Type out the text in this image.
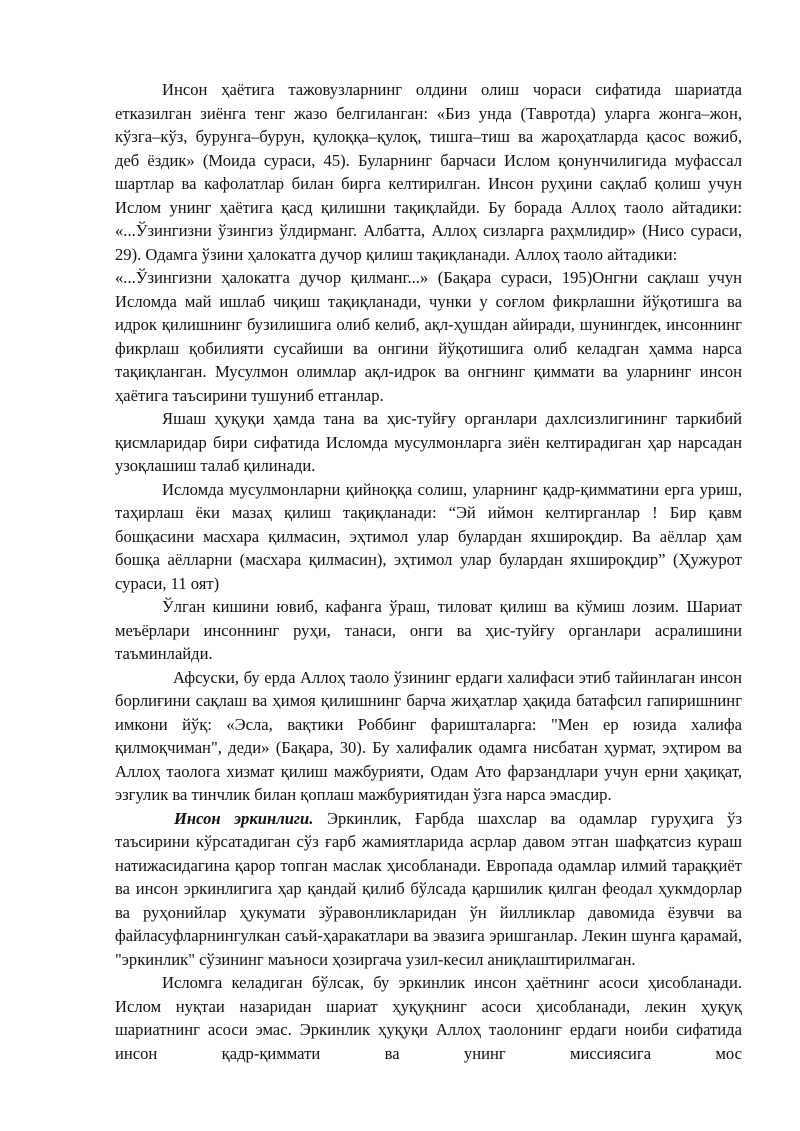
Инсон ҳаётига тажовузларнинг олдини олиш чораси сифатида шариатда етказилган зиёнга тенг жазо белгиланган: «Биз унда (Тавротда) уларга жонга–жон, кўзга–кўз, бурунга–бурун, қулоққа–қулоқ, тишга–тиш ва жароҳатларда қасос вожиб, деб ёздик» (Моида сураси, 45). Буларнинг барчаси Ислом қонунчилигида муфассал шартлар ва кафолатлар билан бирга келтирилган. Инсон руҳини сақлаб қолиш учун Ислом унинг ҳаётига қасд қилишни тақиқлайди. Бу борада Аллоҳ таоло айтадики: «...Ўзингизни ўзингиз ўлдирманг. Албатта, Аллоҳ сизларга раҳмлидир» (Нисо сураси, 29). Одамга ўзини ҳалокатга дучор қилиш тақиқланади. Аллоҳ таоло айтадики:

«...Ўзингизни ҳалокатга дучор қилманг...» (Бақара сураси, 195)Онгни сақлаш учун Исломда май ишлаб чиқиш тақиқланади, чунки у соғлом фикрлашни йўқотишга ва идрок қилишнинг бузилишига олиб келиб, ақл-ҳушдан айиради, шунингдек, инсоннинг фикрлаш қобилияти сусайиши ва онгини йўқотишига олиб келадган ҳамма нарса тақиқланган. Мусулмон олимлар ақл-идрок ва онгнинг қиммати ва уларнинг инсон ҳаётига таъсирини тушуниб етганлар.

Яшаш ҳуқуқи ҳамда тана ва ҳис-туйғу органлари дахлсизлигининг таркибий қисмларидар бири сифатида Исломда мусулмонларга зиён келтирадиган ҳар нарсадан узоқлашиш талаб қилинади.

Исломда мусулмонларни қийноққа солиш, уларнинг қадр-қимматини ерга уриш, таҳирлаш ёки мазаҳ қилиш тақиқланади: “Эй иймон келтирганлар ! Бир қавм бошқасини масхара қилмасин, эҳтимол улар булардан яхшироқдир. Ва аёллар ҳам бошқа аёлларни (масхара қилмасин), эҳтимол улар булардан яхшироқдир” (Ҳужурот сураси, 11 оят)

Ўлган кишини ювиб, кафанга ўраш, тиловат қилиш ва кўмиш лозим. Шариат меъёрлари инсоннинг руҳи, танаси, онги ва ҳис-туйғу органлари асралишини таъминлайди.

Афсуски, бу ерда Аллоҳ таоло ўзининг ердаги халифаси этиб тайинлаган инсон борлиғини сақлаш ва ҳимоя қилишнинг барча жиҳатлар ҳақида батафсил гапиришнинг имкони йўқ: «Эсла, вақтики Роббинг фаришталарга: "Мен ер юзида халифа қилмоқчиман", деди» (Бақара, 30). Бу халифалик одамга нисбатан ҳурмат, эҳтиром ва Аллоҳ таолога хизмат қилиш мажбурияти, Одам Ато фарзандлари учун ерни ҳақиқат, эзгулик ва тинчлик билан қоплаш мажбуриятидан ўзга нарса эмасдир.

Инсон эркинлиги. Эркинлик, Ғарбда шахслар ва одамлар гуруҳига ўз таъсирини кўрсатадиган сўз ғарб жамиятларида асрлар давом этган шафқатсиз кураш натижасидагина қарор топган маслак ҳисобланади. Европада одамлар илмий тараққиёт ва инсон эркинлигига ҳар қандай қилиб бўлсада қаршилик қилган феодал ҳукмдорлар ва руҳонийлар ҳукумати зўравонликларидан ўн йилликлар давомида ёзувчи ва файласуфларнингулкан саъй-ҳаракатлари ва эвазига эришганлар. Лекин шунга қарамай, "эркинлик" сўзининг маъноси ҳозиргача узил-кесил аниқлаштирилмаган.

Исломга келадиган бўлсак, бу эркинлик инсон ҳаётнинг асоси ҳисобланади. Ислом нуқтаи назаридан шариат ҳуқуқнинг асоси ҳисобланади, лекин ҳуқуқ шариатнинг асоси эмас. Эркинлик ҳуқуқи Аллоҳ таолонинг ердаги ноиби сифатида инсон қадр-қиммати ва унинг миссиясига мос
